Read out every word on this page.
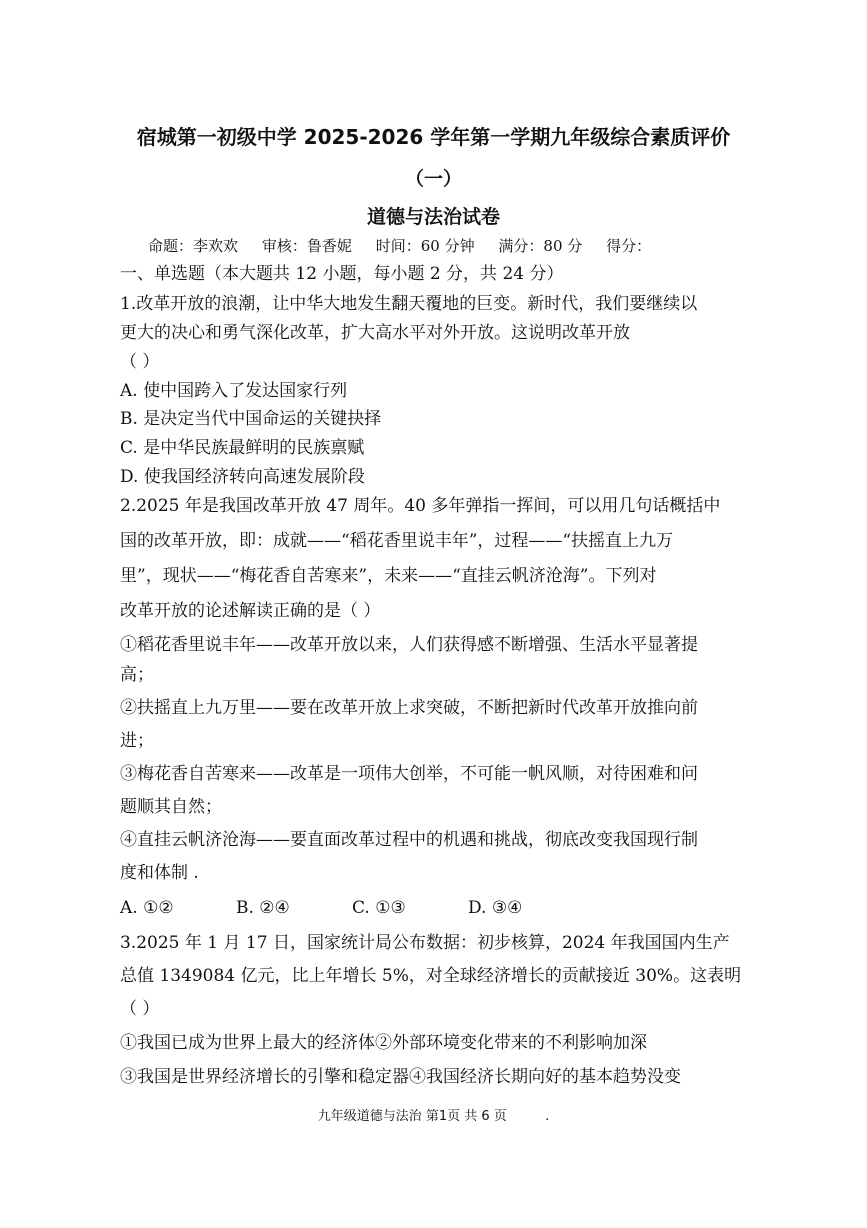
宿城第一初级中学 2025-2026 学年第一学期九年级综合素质评价
（一）
道德与法治试卷
命题：李欢欢 审核：鲁香妮 时间：60 分钟 满分：80 分 得分：
一、单选题（本大题共 12 小题，每小题 2 分，共 24 分）
1.改革开放的浪潮，让中华大地发生翻天覆地的巨变。新时代，我们要继续以
更大的决心和勇气深化改革，扩大高水平对外开放。这说明改革开放
（ ）
A. 使中国跨入了发达国家行列
B. 是决定当代中国命运的关键抉择
C. 是中华民族最鲜明的民族禀赋
D. 使我国经济转向高速发展阶段
2.2025 年是我国改革开放 47 周年。40 多年弹指一挥间，可以用几句话概括中
国的改革开放，即：成就——“稻花香里说丰年”，过程——“扶摇直上九万
里”，现状——“梅花香自苦寒来”，未来——“直挂云帆济沧海”。下列对
改革开放的论述解读正确的是（ ）
①稻花香里说丰年——改革开放以来，人们获得感不断增强、生活水平显著提
高；
②扶摇直上九万里——要在改革开放上求突破，不断把新时代改革开放推向前
进；
③梅花香自苦寒来——改革是一项伟大创举，不可能一帆风顺，对待困难和问
题顺其自然；
④直挂云帆济沧海——要直面改革过程中的机遇和挑战，彻底改变我国现行制
度和体制 .
A. ①②	B. ②④	C. ①③	D. ③④
3.2025 年 1 月 17 日，国家统计局公布数据：初步核算，2024 年我国国内生产
总值 1349084 亿元，比上年增长 5%，对全球经济增长的贡献接近 30%。这表明
（ ）
①我国已成为世界上最大的经济体②外部环境变化带来的不利影响加深
③我国是世界经济增长的引擎和稳定器④我国经济长期向好的基本趋势没变
九年级道德与法治 第1页 共 6 页	.
